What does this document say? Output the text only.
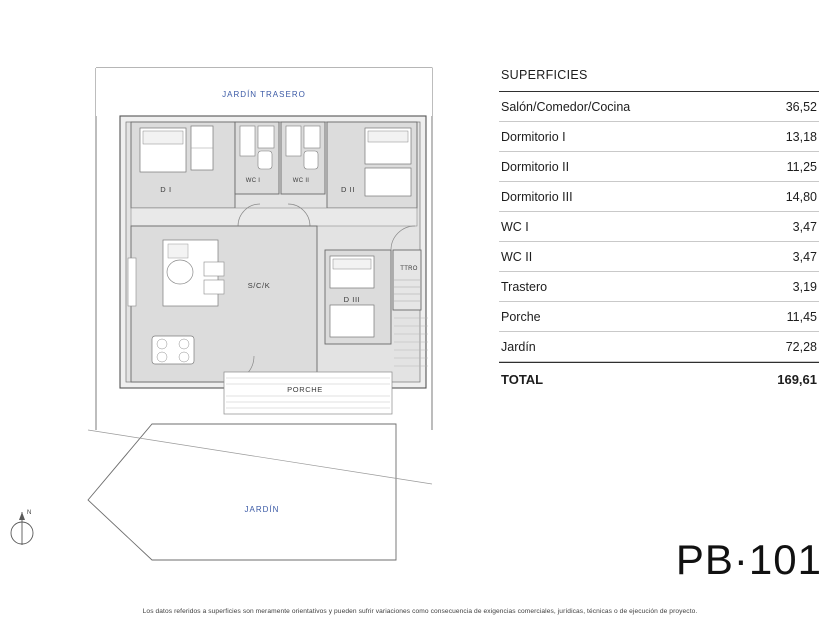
JARDÍN TRASERO
D I
WC I	WC II
D II
S/C/K
D III
TTRO
PORCHE
JARDÍN
N
SUPERFICIES
Salón/Comedor/Cocina	36,52
Dormitorio I	13,18
Dormitorio II	11,25
Dormitorio III	14,80
WC I	3,47
WC II	3,47
Trastero	3,19
Porche	11,45
Jardín	72,28
TOTAL	169,61
PB·101
Los datos referidos a superficies son meramente orientativos y pueden sufrir variaciones como consecuencia de exigencias comerciales, jurídicas, técnicas o de ejecución de proyecto.
